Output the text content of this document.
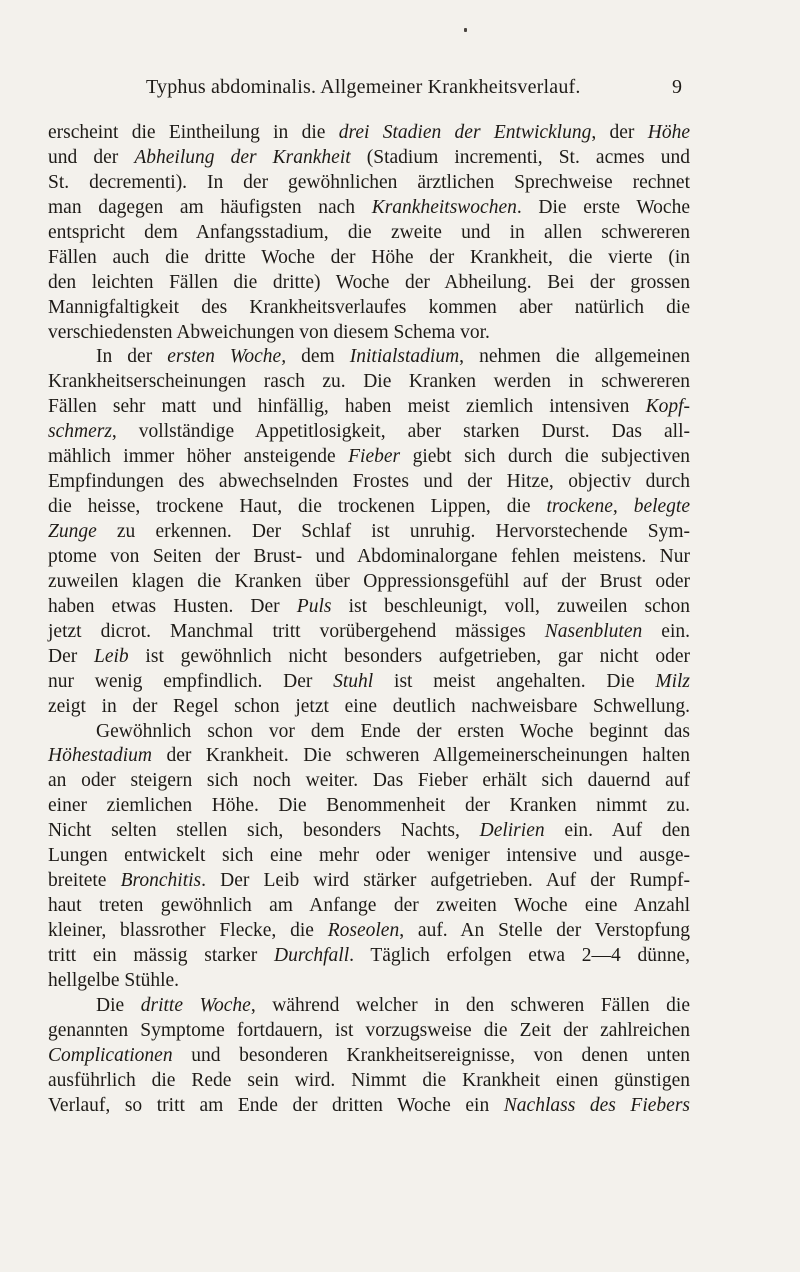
Typhus abdominalis. Allgemeiner Krankheitsverlauf.	9
erscheint die Eintheilung in die drei Stadien der Entwicklung, der Höhe
und der Abheilung der Krankheit (Stadium incrementi, St. acmes und
St. decrementi). In der gewöhnlichen ärztlichen Sprechweise rechnet
man dagegen am häufigsten nach Krankheitswochen. Die erste Woche
entspricht dem Anfangsstadium, die zweite und in allen schwereren
Fällen auch die dritte Woche der Höhe der Krankheit, die vierte (in
den leichten Fällen die dritte) Woche der Abheilung. Bei der grossen
Mannigfaltigkeit des Krankheitsverlaufes kommen aber natürlich die
verschiedensten Abweichungen von diesem Schema vor.
In der ersten Woche, dem Initialstadium, nehmen die allgemeinen
Krankheitserscheinungen rasch zu. Die Kranken werden in schwereren
Fällen sehr matt und hinfällig, haben meist ziemlich intensiven Kopf-
schmerz, vollständige Appetitlosigkeit, aber starken Durst. Das all-
mählich immer höher ansteigende Fieber giebt sich durch die subjectiven
Empfindungen des abwechselnden Frostes und der Hitze, objectiv durch
die heisse, trockene Haut, die trockenen Lippen, die trockene, belegte
Zunge zu erkennen. Der Schlaf ist unruhig. Hervorstechende Sym-
ptome von Seiten der Brust- und Abdominalorgane fehlen meistens. Nur
zuweilen klagen die Kranken über Oppressionsgefühl auf der Brust oder
haben etwas Husten. Der Puls ist beschleunigt, voll, zuweilen schon
jetzt dicrot. Manchmal tritt vorübergehend mässiges Nasenbluten ein.
Der Leib ist gewöhnlich nicht besonders aufgetrieben, gar nicht oder
nur wenig empfindlich. Der Stuhl ist meist angehalten. Die Milz
zeigt in der Regel schon jetzt eine deutlich nachweisbare Schwellung.
Gewöhnlich schon vor dem Ende der ersten Woche beginnt das
Höhestadium der Krankheit. Die schweren Allgemeinerscheinungen halten
an oder steigern sich noch weiter. Das Fieber erhält sich dauernd auf
einer ziemlichen Höhe. Die Benommenheit der Kranken nimmt zu.
Nicht selten stellen sich, besonders Nachts, Delirien ein. Auf den
Lungen entwickelt sich eine mehr oder weniger intensive und ausge-
breitete Bronchitis. Der Leib wird stärker aufgetrieben. Auf der Rumpf-
haut treten gewöhnlich am Anfange der zweiten Woche eine Anzahl
kleiner, blassrother Flecke, die Roseolen, auf. An Stelle der Verstopfung
tritt ein mässig starker Durchfall. Täglich erfolgen etwa 2—4 dünne,
hellgelbe Stühle.
Die dritte Woche, während welcher in den schweren Fällen die
genannten Symptome fortdauern, ist vorzugsweise die Zeit der zahlreichen
Complicationen und besonderen Krankheitsereignisse, von denen unten
ausführlich die Rede sein wird. Nimmt die Krankheit einen günstigen
Verlauf, so tritt am Ende der dritten Woche ein Nachlass des Fiebers
